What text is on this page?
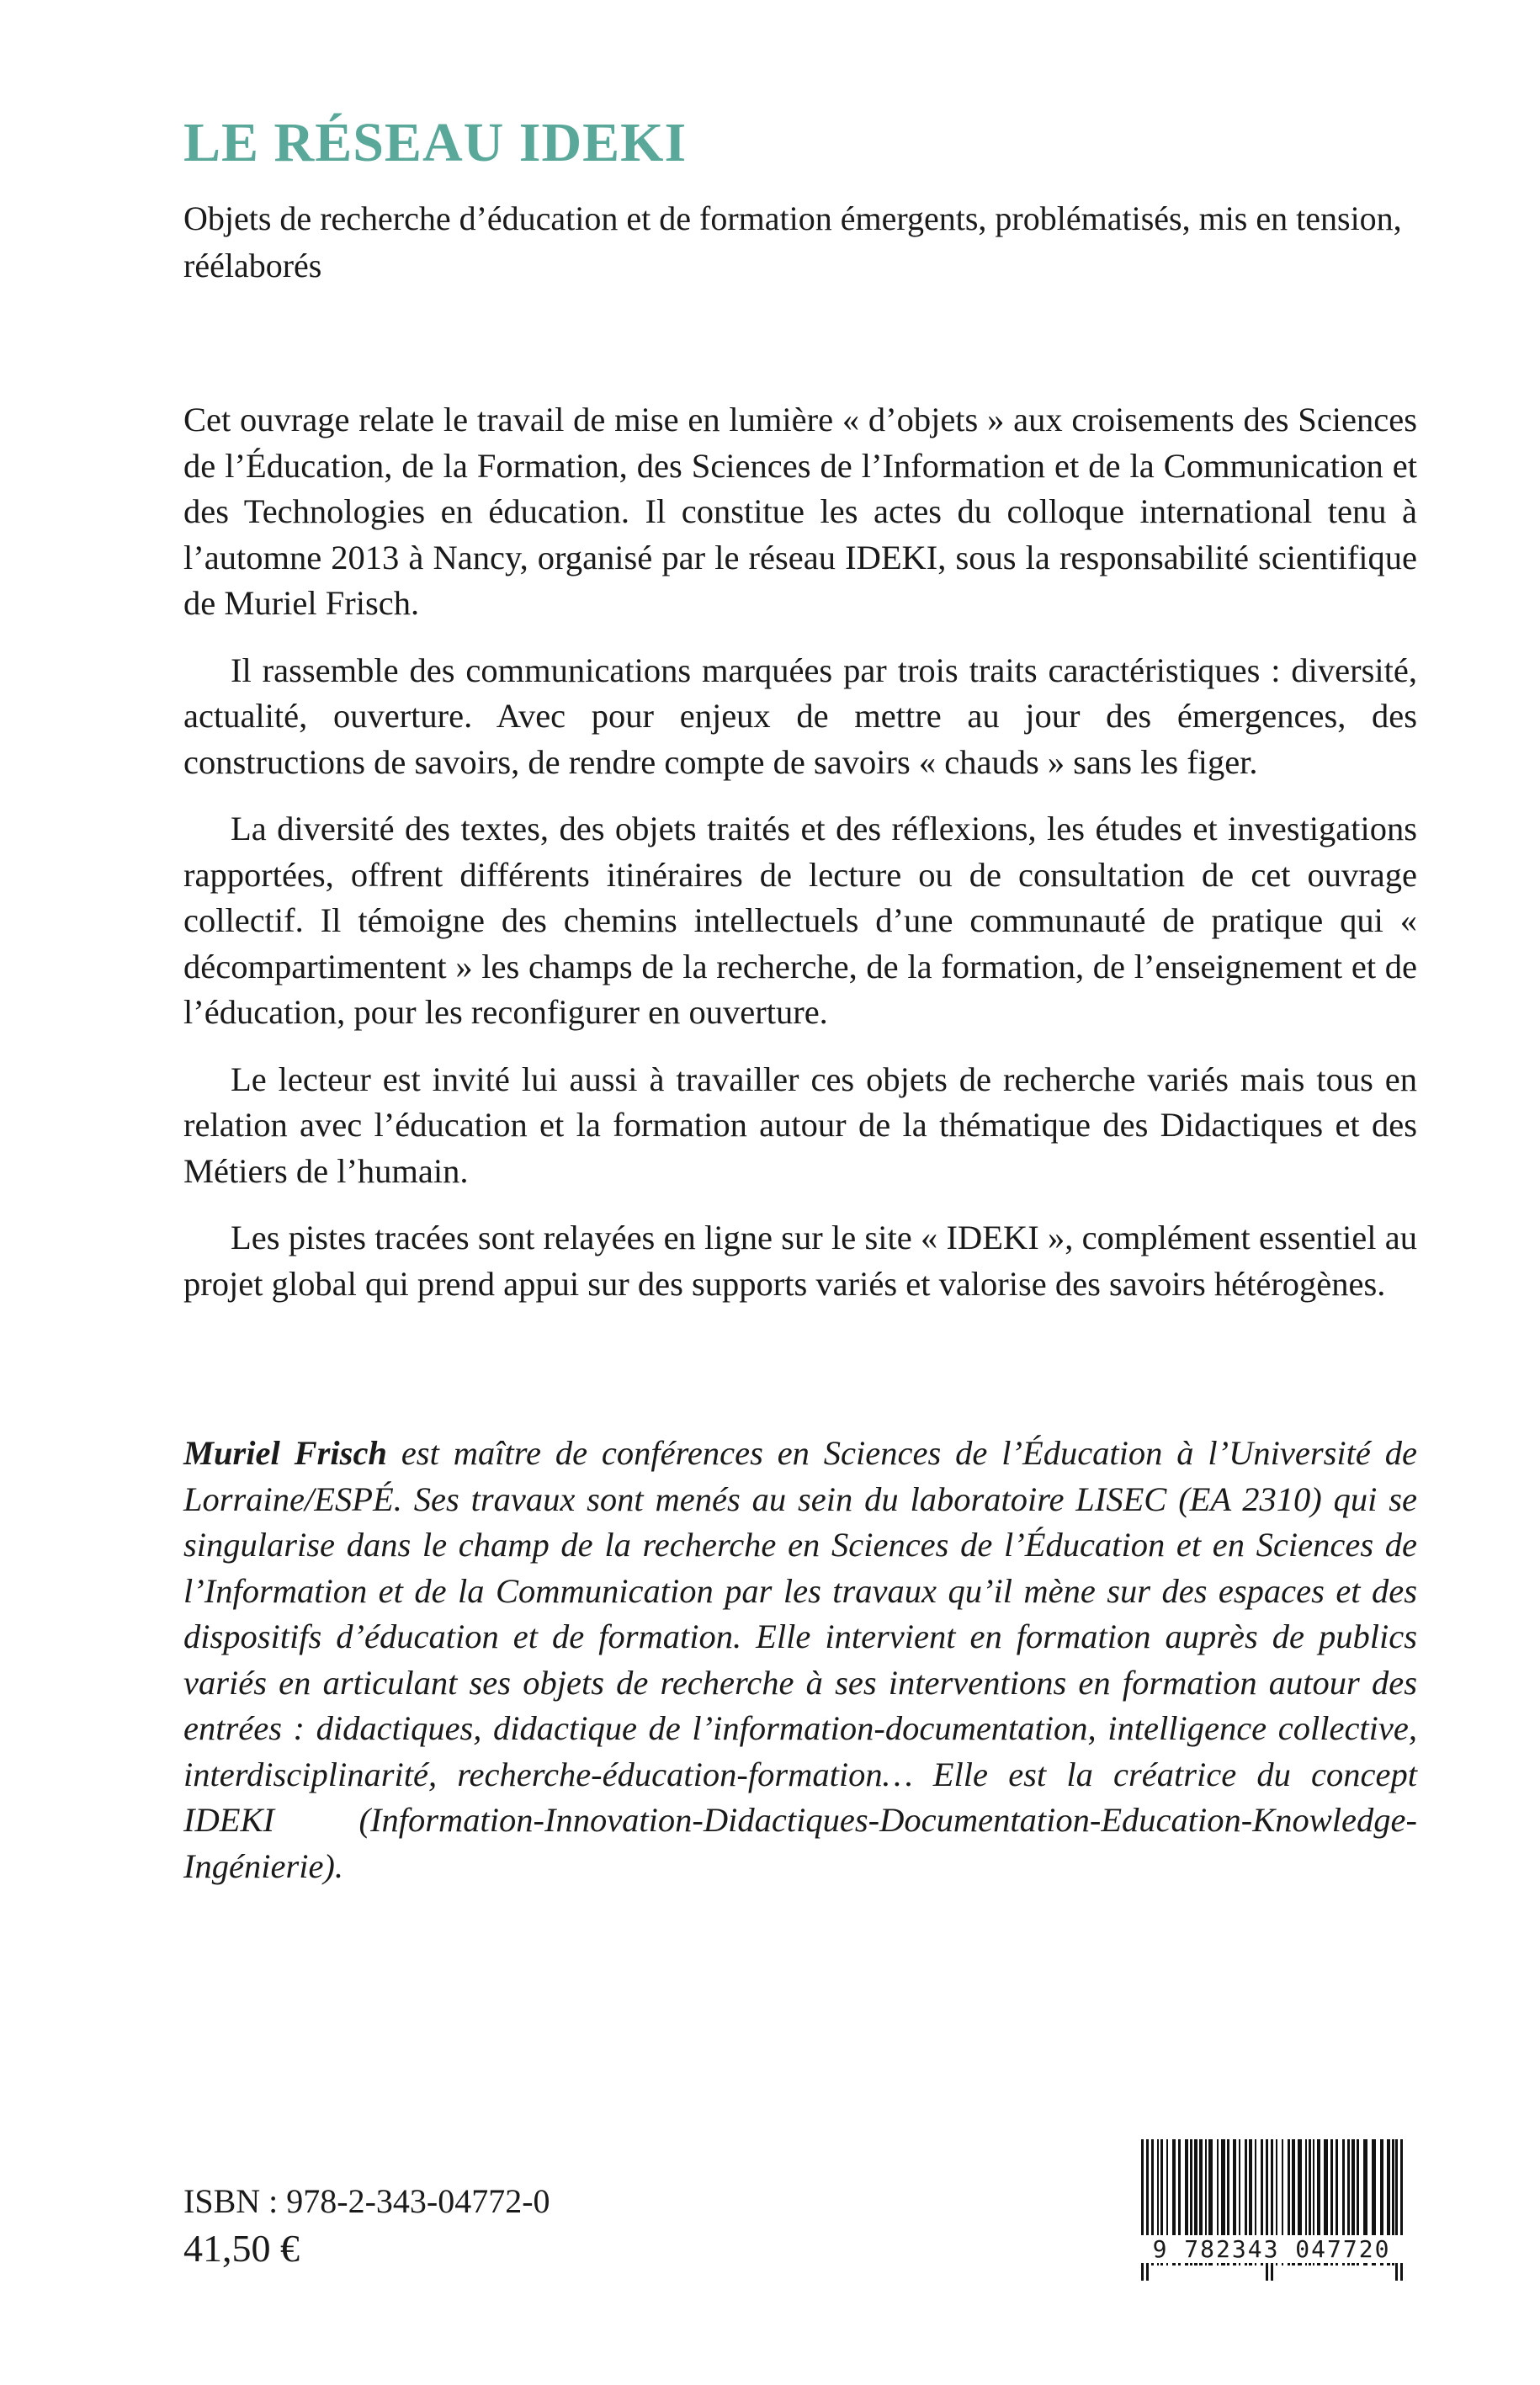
LE RÉSEAU IDEKI

Objets de recherche d’éducation et de formation émergents, problématisés, mis en tension, réélaborés

Cet ouvrage relate le travail de mise en lumière « d’objets » aux croisements des Sciences de l’Éducation, de la Formation, des Sciences de l’Information et de la Communication et des Technologies en éducation. Il constitue les actes du colloque international tenu à l’automne 2013 à Nancy, organisé par le réseau IDEKI, sous la responsabilité scientifique de Muriel Frisch.

Il rassemble des communications marquées par trois traits caractéristiques : diversité, actualité, ouverture. Avec pour enjeux de mettre au jour des émergences, des constructions de savoirs, de rendre compte de savoirs « chauds » sans les figer.

La diversité des textes, des objets traités et des réflexions, les études et investigations rapportées, offrent différents itinéraires de lecture ou de consultation de cet ouvrage collectif. Il témoigne des chemins intellectuels d’une communauté de pratique qui « décompartimentent » les champs de la recherche, de la formation, de l’enseignement et de l’éducation, pour les reconfigurer en ouverture.

Le lecteur est invité lui aussi à travailler ces objets de recherche variés mais tous en relation avec l’éducation et la formation autour de la thématique des Didactiques et des Métiers de l’humain.

Les pistes tracées sont relayées en ligne sur le site « IDEKI », complément essentiel au projet global qui prend appui sur des supports variés et valorise des savoirs hétérogènes.

Muriel Frisch est maître de conférences en Sciences de l’Éducation à l’Université de Lorraine/ESPÉ. Ses travaux sont menés au sein du laboratoire LISEC (EA 2310) qui se singularise dans le champ de la recherche en Sciences de l’Éducation et en Sciences de l’Information et de la Communication par les travaux qu’il mène sur des espaces et des dispositifs d’éducation et de formation. Elle intervient en formation auprès de publics variés en articulant ses objets de recherche à ses interventions en formation autour des entrées : didactiques, didactique de l’information-documentation, intelligence collective, interdisciplinarité, recherche-éducation-formation… Elle est la créatrice du concept IDEKI (Information-Innovation-Didactiques-Documentation-Education-Knowledge-Ingénierie).

ISBN : 978-2-343-04772-0

41,50 €	9 782343 047720
